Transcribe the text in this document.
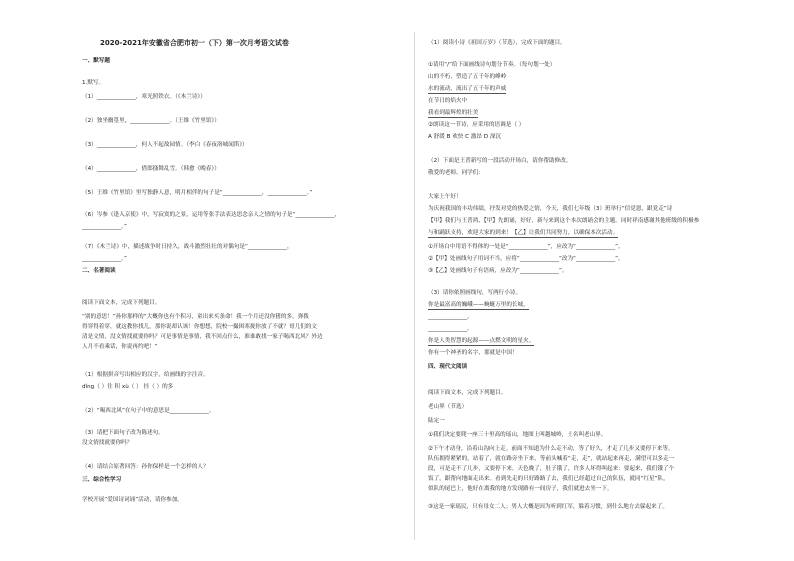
2020-2021年安徽省合肥市初一（下）第一次月考语文试卷
一、默写题
1.默写。
（1）______________，寒光照铁衣。（《木兰诗》）
（2）独坐幽篁里，______________。（王维《竹里馆》）
（3）______________，何人不起故园情。（李白《春夜洛城闻笛》）
（4）______________，借郎搔舞乱雪。（韩愈《晚春》）
（5）王维《竹里馆》里写独静人意，明月相伴的句子是“______________，______________。”
（6）岑参《逢入京使》中，写寂寞的之景，运用等张手法表达思念亲人之情的句子是“______________，
______________。”
（7）《木兰诗》中，描述战争时日持久，战斗激烈壮壮的对偶句是“______________，
______________。”
二、名著阅读
阅读下面文本，完成下列题目。
“别的意思！”孙你那样的“大概你也有个积习，童出来买条命！我一个月还没你猪的多，弹拨
得穿得着穿，就这教你找儿，那你说却认该！你想想，院校一撮困寒拢你放了不就？哥儿们的文
清是文情，没文情找就要你吗？可是事情是事情，我不回点什么，准谁敢找一家子喝西北风？外边
人月不看乘话，你说再约吧！”
（1）根据拼音写出相应的汉字，给画线的字注音。
dǐng（ ）住 积 xù（ ） 挂（ ）的多
（2）“喝西北风”在句子中的意思是______________。
（3）请把下面句子改为陈述句。
没文情找就要你吗？
（4）请结合原著回答：孙你保样是一个怎样的人？
三、综合性学习
学校开展“爱国诗词诵”活动，请你参加。
（1）阅读小诗《祖国万岁》（节选），完成下面的题目。
①请用“/”给下面画线诗句划分节奏。（每句划一处）
山的不朽，塑造了五千年的峰岭
水的流动，流出了五千年的声威
在节日的焰火中
我看到最辉煌的壮美
②朗读这一节诗，应采用的语调是（ ）
A 舒缓 B 欢快 C 激昂 D 深沉
（2）下面是王普新写的一段活动开场白，请你帮助修改。
敬爱的老师、同学们：
大家上午好！
为庆祝我国的丰功伟绩，抒发对党的热爱之情，今天，我们七年级（3）班举行“信党恩，跟党走”诗
【甲】我们与王普鸿、【甲】先朗诵，好好，新与来到这个本次朗诵会的主题。同时祥南感谢其他班级的积极参
与和踊跃支持，欢迎大家的到来！【乙】让我们共同努力，以确保本次活动。
①开场白中用语不得体的一处是“______________”，应改为“______________”。
②【甲】处画线句子用词不当，应将“______________”改为“______________”。
③【乙】处画线句子有语病，应改为“______________”。
（3）请你依照画线句，写两行小诗。
你是最富高的巍峨——蜿蜒万里的长城，
______________，
______________。
你是人类智慧的起源——点燃文明的星火。
你有一个神圣的名字，那就是中国！
四、现代文阅读
阅读下面文本，完成下列题目。
老山界（节选）
陆定一
①我们决定要爬一座三十里高的瑶山，地图上叫越城岭，土名叫老山界。
②下午才动身，沿着山沟向上走。前面不知道为什么走不动，等了好久，才走了几步又要停下来等。
队伍拥得紧紧的，站着了，就在路旁坐下来，等前头喊着“走，走”，就站起来再走，满望可以多走一
段，可是走不了几步，又要停下来。天色晚了，肚子饿了，许多人坏得叫起来：要起来，我们饿了个
饭了。跟帮向地面走出来。看到先走的只好路路了去，我们已经超过自己的队伍，就同“红星”队，
似队的尾巴上，他好在离我的地方发现路有一间房子，我们就进去坐一下。
③这是一家瑶民，只有母女二人；男人大概是因为听到红军，躲着习惯，到什么地方去躲起来了。
